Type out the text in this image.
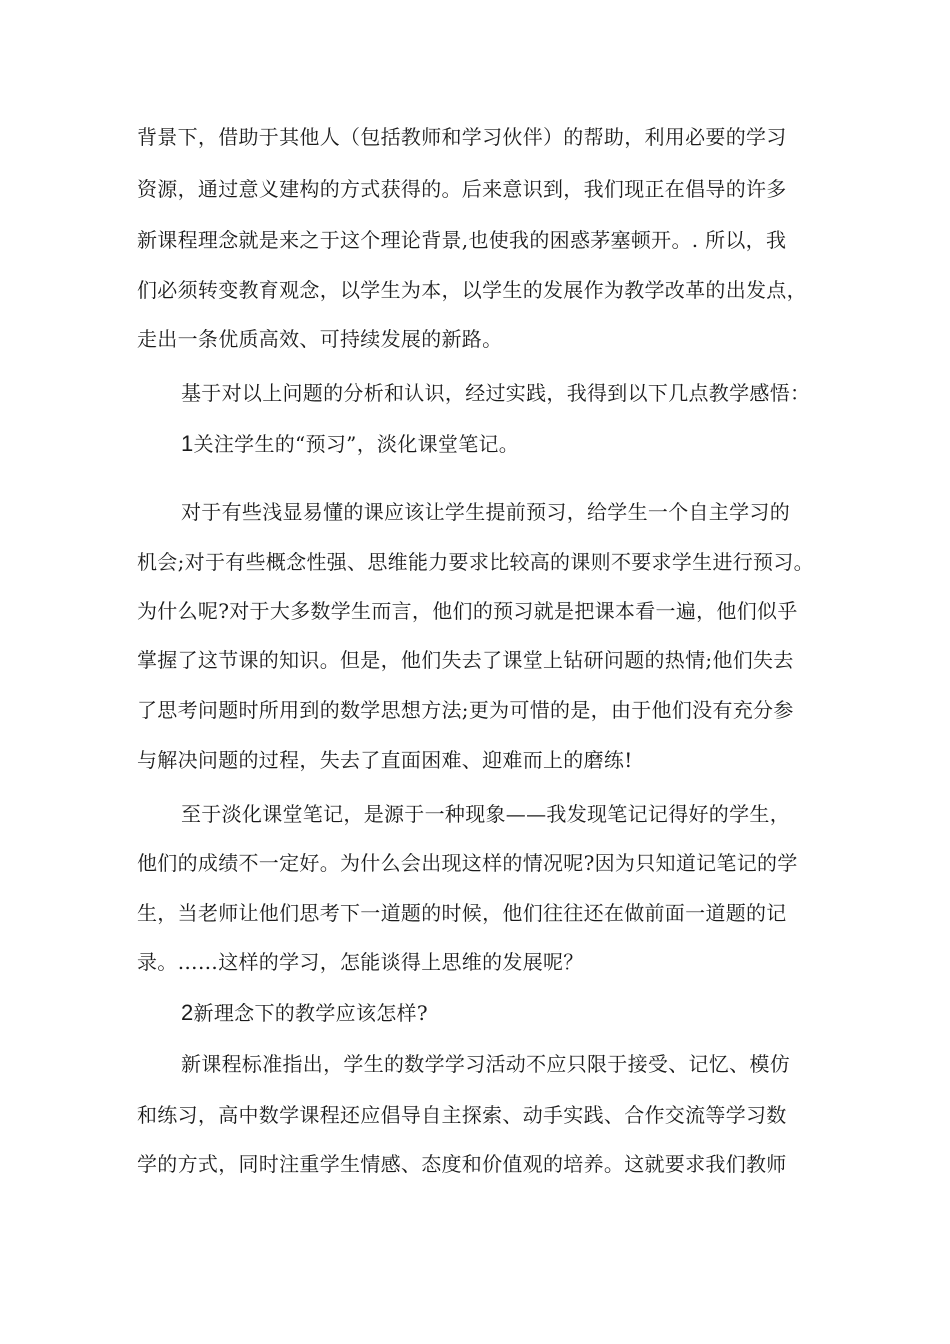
背景下，借助于其他人（包括教师和学习伙伴）的帮助，利用必要的学习

资源，通过意义建构的方式获得的。后来意识到，我们现正在倡导的许多

新课程理念就是来之于这个理论背景,也使我的困惑茅塞顿开。. 所以，我

们必须转变教育观念，以学生为本，以学生的发展作为教学改革的出发点，

走出一条优质高效、可持续发展的新路。

基于对以上问题的分析和认识，经过实践，我得到以下几点教学感悟：

1关注学生的“预习”，淡化课堂笔记。

对于有些浅显易懂的课应该让学生提前预习，给学生一个自主学习的

机会;对于有些概念性强、思维能力要求比较高的课则不要求学生进行预习。

为什么呢?对于大多数学生而言，他们的预习就是把课本看一遍，他们似乎

掌握了这节课的知识。但是，他们失去了课堂上钻研问题的热情;他们失去

了思考问题时所用到的数学思想方法;更为可惜的是，由于他们没有充分参

与解决问题的过程，失去了直面困难、迎难而上的磨练!

至于淡化课堂笔记，是源于一种现象——我发现笔记记得好的学生，

他们的成绩不一定好。为什么会出现这样的情况呢?因为只知道记笔记的学

生，当老师让他们思考下一道题的时候，他们往往还在做前面一道题的记

录。……这样的学习，怎能谈得上思维的发展呢？

2新理念下的教学应该怎样?

新课程标准指出，学生的数学学习活动不应只限于接受、记忆、模仿

和练习，高中数学课程还应倡导自主探索、动手实践、合作交流等学习数

学的方式，同时注重学生情感、态度和价值观的培养。这就要求我们教师
